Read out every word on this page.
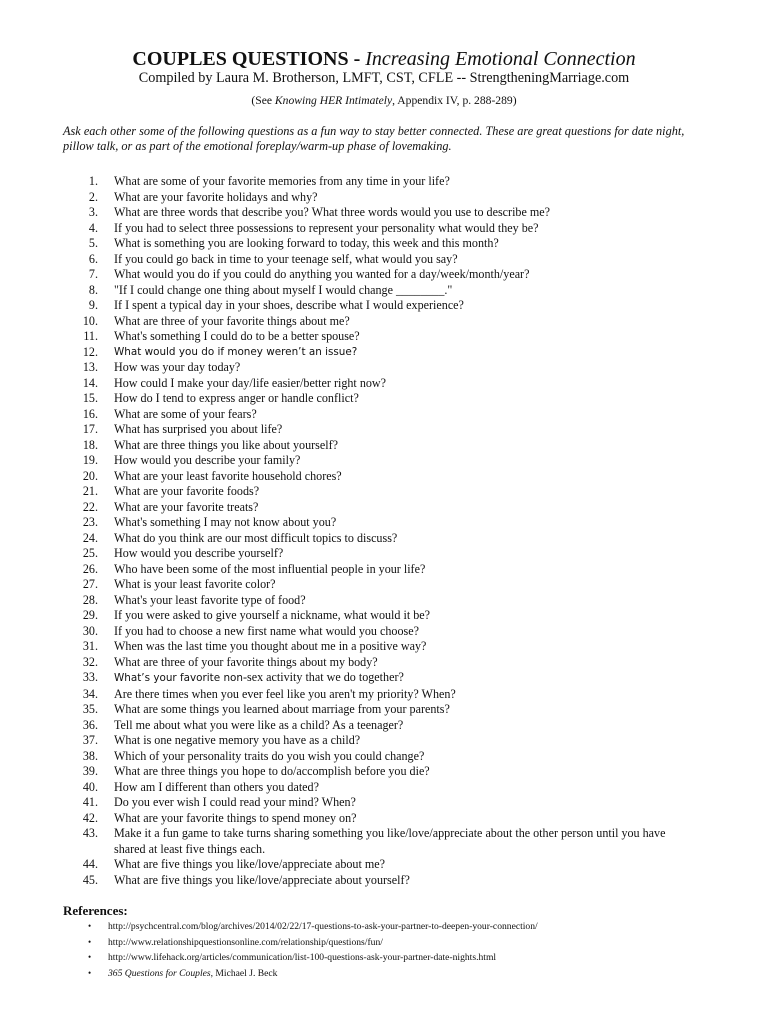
COUPLES QUESTIONS - Increasing Emotional Connection
Compiled by Laura M. Brotherson, LMFT, CST, CFLE -- StrengtheningMarriage.com
(See Knowing HER Intimately, Appendix IV, p. 288-289)
Ask each other some of the following questions as a fun way to stay better connected. These are great questions for date night, pillow talk, or as part of the emotional foreplay/warm-up phase of lovemaking.
1. What are some of your favorite memories from any time in your life?
2. What are your favorite holidays and why?
3. What are three words that describe you? What three words would you use to describe me?
4. If you had to select three possessions to represent your personality what would they be?
5. What is something you are looking forward to today, this week and this month?
6. If you could go back in time to your teenage self, what would you say?
7. What would you do if you could do anything you wanted for a day/week/month/year?
8. "If I could change one thing about myself I would change ________."
9. If I spent a typical day in your shoes, describe what I would experience?
10. What are three of your favorite things about me?
11. What's something I could do to be a better spouse?
12. What would you do if money weren’t an issue?
13. How was your day today?
14. How could I make your day/life easier/better right now?
15. How do I tend to express anger or handle conflict?
16. What are some of your fears?
17. What has surprised you about life?
18. What are three things you like about yourself?
19. How would you describe your family?
20. What are your least favorite household chores?
21. What are your favorite foods?
22. What are your favorite treats?
23. What's something I may not know about you?
24. What do you think are our most difficult topics to discuss?
25. How would you describe yourself?
26. Who have been some of the most influential people in your life?
27. What is your least favorite color?
28. What's your least favorite type of food?
29. If you were asked to give yourself a nickname, what would it be?
30. If you had to choose a new first name what would you choose?
31. When was the last time you thought about me in a positive way?
32. What are three of your favorite things about my body?
33. What’s your favorite non-sex activity that we do together?
34. Are there times when you ever feel like you aren't my priority? When?
35. What are some things you learned about marriage from your parents?
36. Tell me about what you were like as a child? As a teenager?
37. What is one negative memory you have as a child?
38. Which of your personality traits do you wish you could change?
39. What are three things you hope to do/accomplish before you die?
40. How am I different than others you dated?
41. Do you ever wish I could read your mind? When?
42. What are your favorite things to spend money on?
43. Make it a fun game to take turns sharing something you like/love/appreciate about the other person until you have shared at least five things each.
44. What are five things you like/love/appreciate about me?
45. What are five things you like/love/appreciate about yourself?
References:
• http://psychcentral.com/blog/archives/2014/02/22/17-questions-to-ask-your-partner-to-deepen-your-connection/
• http://www.relationshipquestionsonline.com/relationship/questions/fun/
• http://www.lifehack.org/articles/communication/list-100-questions-ask-your-partner-date-nights.html
• 365 Questions for Couples, Michael J. Beck
